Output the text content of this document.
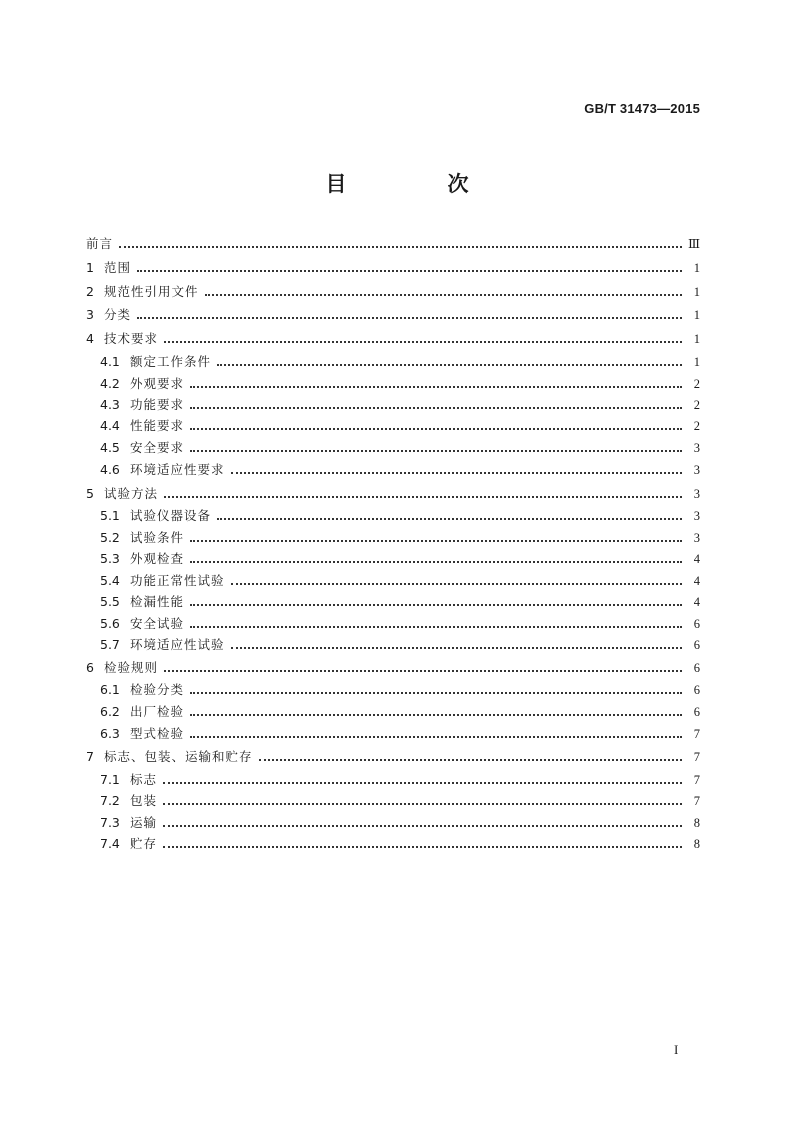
GB/T 31473—2015
目　次
前言	Ⅲ
1 范围	1
2 规范性引用文件	1
3 分类	1
4 技术要求	1
4.1 额定工作条件	1
4.2 外观要求	2
4.3 功能要求	2
4.4 性能要求	2
4.5 安全要求	3
4.6 环境适应性要求	3
5 试验方法	3
5.1 试验仪器设备	3
5.2 试验条件	3
5.3 外观检查	4
5.4 功能正常性试验	4
5.5 检漏性能	4
5.6 安全试验	6
5.7 环境适应性试验	6
6 检验规则	6
6.1 检验分类	6
6.2 出厂检验	6
6.3 型式检验	7
7 标志、包装、运输和贮存	7
7.1 标志	7
7.2 包装	7
7.3 运输	8
7.4 贮存	8
I
